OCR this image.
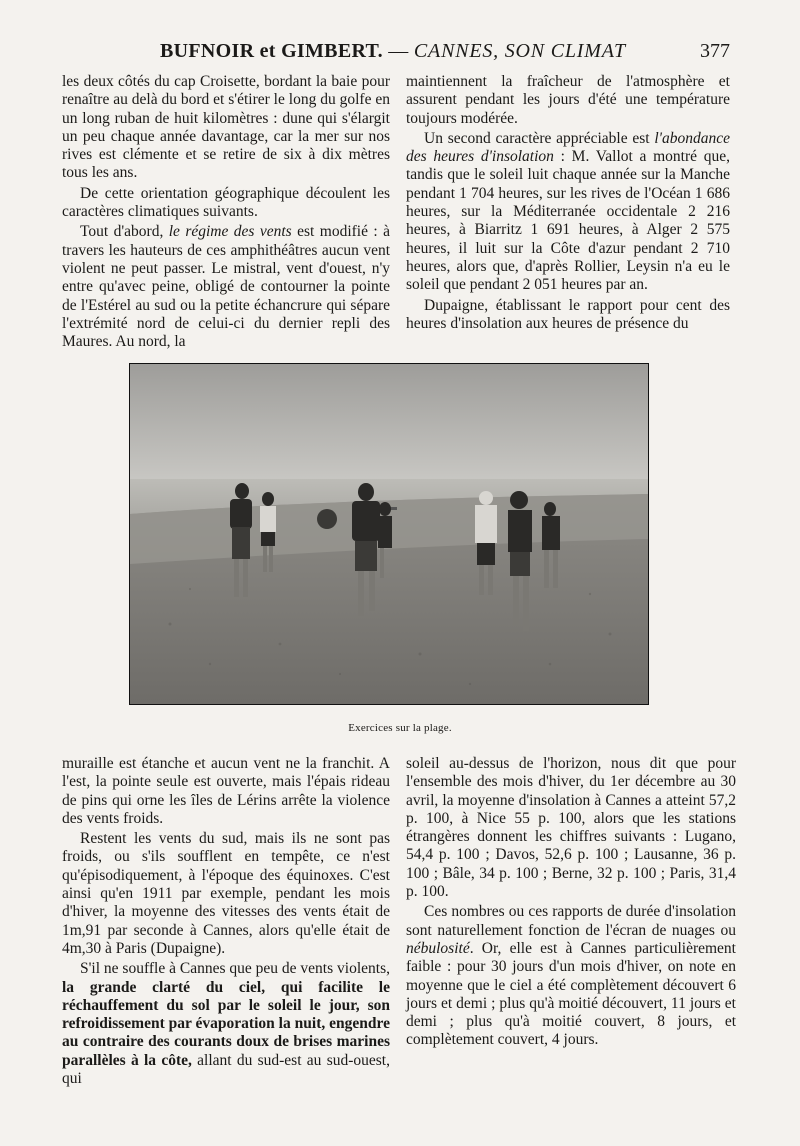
BUFNOIR et GIMBERT. — CANNES, SON CLIMAT	377

les deux côtés du cap Croisette, bordant la baie pour renaître au delà du bord et s'étirer le long du golfe en un long ruban de huit kilomètres : dune qui s'élargit un peu chaque année davantage, car la mer sur nos rives est clémente et se retire de six à dix mètres tous les ans.

De cette orientation géographique découlent les caractères climatiques suivants.

Tout d'abord, le régime des vents est modifié : à travers les hauteurs de ces amphithéâtres aucun vent violent ne peut passer. Le mistral, vent d'ouest, n'y entre qu'avec peine, obligé de contourner la pointe de l'Estérel au sud ou la petite échancrure qui sépare l'extrémité nord de celui-ci du dernier repli des Maures. Au nord, la

maintiennent la fraîcheur de l'atmosphère et assurent pendant les jours d'été une température toujours modérée.

Un second caractère appréciable est l'abondance des heures d'insolation : M. Vallot a montré que, tandis que le soleil luit chaque année sur la Manche pendant 1 704 heures, sur les rives de l'Océan 1 686 heures, sur la Méditerranée occidentale 2 216 heures, à Biarritz 1 691 heures, à Alger 2 575 heures, il luit sur la Côte d'azur pendant 2 710 heures, alors que, d'après Rollier, Leysin n'a eu le soleil que pendant 2 051 heures par an.

Dupaigne, établissant le rapport pour cent des heures d'insolation aux heures de présence du

Exercices sur la plage.

muraille est étanche et aucun vent ne la franchit. A l'est, la pointe seule est ouverte, mais l'épais rideau de pins qui orne les îles de Lérins arrête la violence des vents froids.

Restent les vents du sud, mais ils ne sont pas froids, ou s'ils soufflent en tempête, ce n'est qu'épisodiquement, à l'époque des équinoxes. C'est ainsi qu'en 1911 par exemple, pendant les mois d'hiver, la moyenne des vitesses des vents était de 1m,91 par seconde à Cannes, alors qu'elle était de 4m,30 à Paris (Dupaigne).

S'il ne souffle à Cannes que peu de vents violents, la grande clarté du ciel, qui facilite le réchauffement du sol par le soleil le jour, son refroidissement par évaporation la nuit, engendre au contraire des courants doux de brises marines parallèles à la côte, allant du sud-est au sud-ouest, qui

soleil au-dessus de l'horizon, nous dit que pour l'ensemble des mois d'hiver, du 1er décembre au 30 avril, la moyenne d'insolation à Cannes a atteint 57,2 p. 100, à Nice 55 p. 100, alors que les stations étrangères donnent les chiffres suivants : Lugano, 54,4 p. 100 ; Davos, 52,6 p. 100 ; Lausanne, 36 p. 100 ; Bâle, 34 p. 100 ; Berne, 32 p. 100 ; Paris, 31,4 p. 100.

Ces nombres ou ces rapports de durée d'insolation sont naturellement fonction de l'écran de nuages ou nébulosité. Or, elle est à Cannes particulièrement faible : pour 30 jours d'un mois d'hiver, on note en moyenne que le ciel a été complètement découvert 6 jours et demi ; plus qu'à moitié découvert, 11 jours et demi ; plus qu'à moitié couvert, 8 jours, et complètement couvert, 4 jours.
